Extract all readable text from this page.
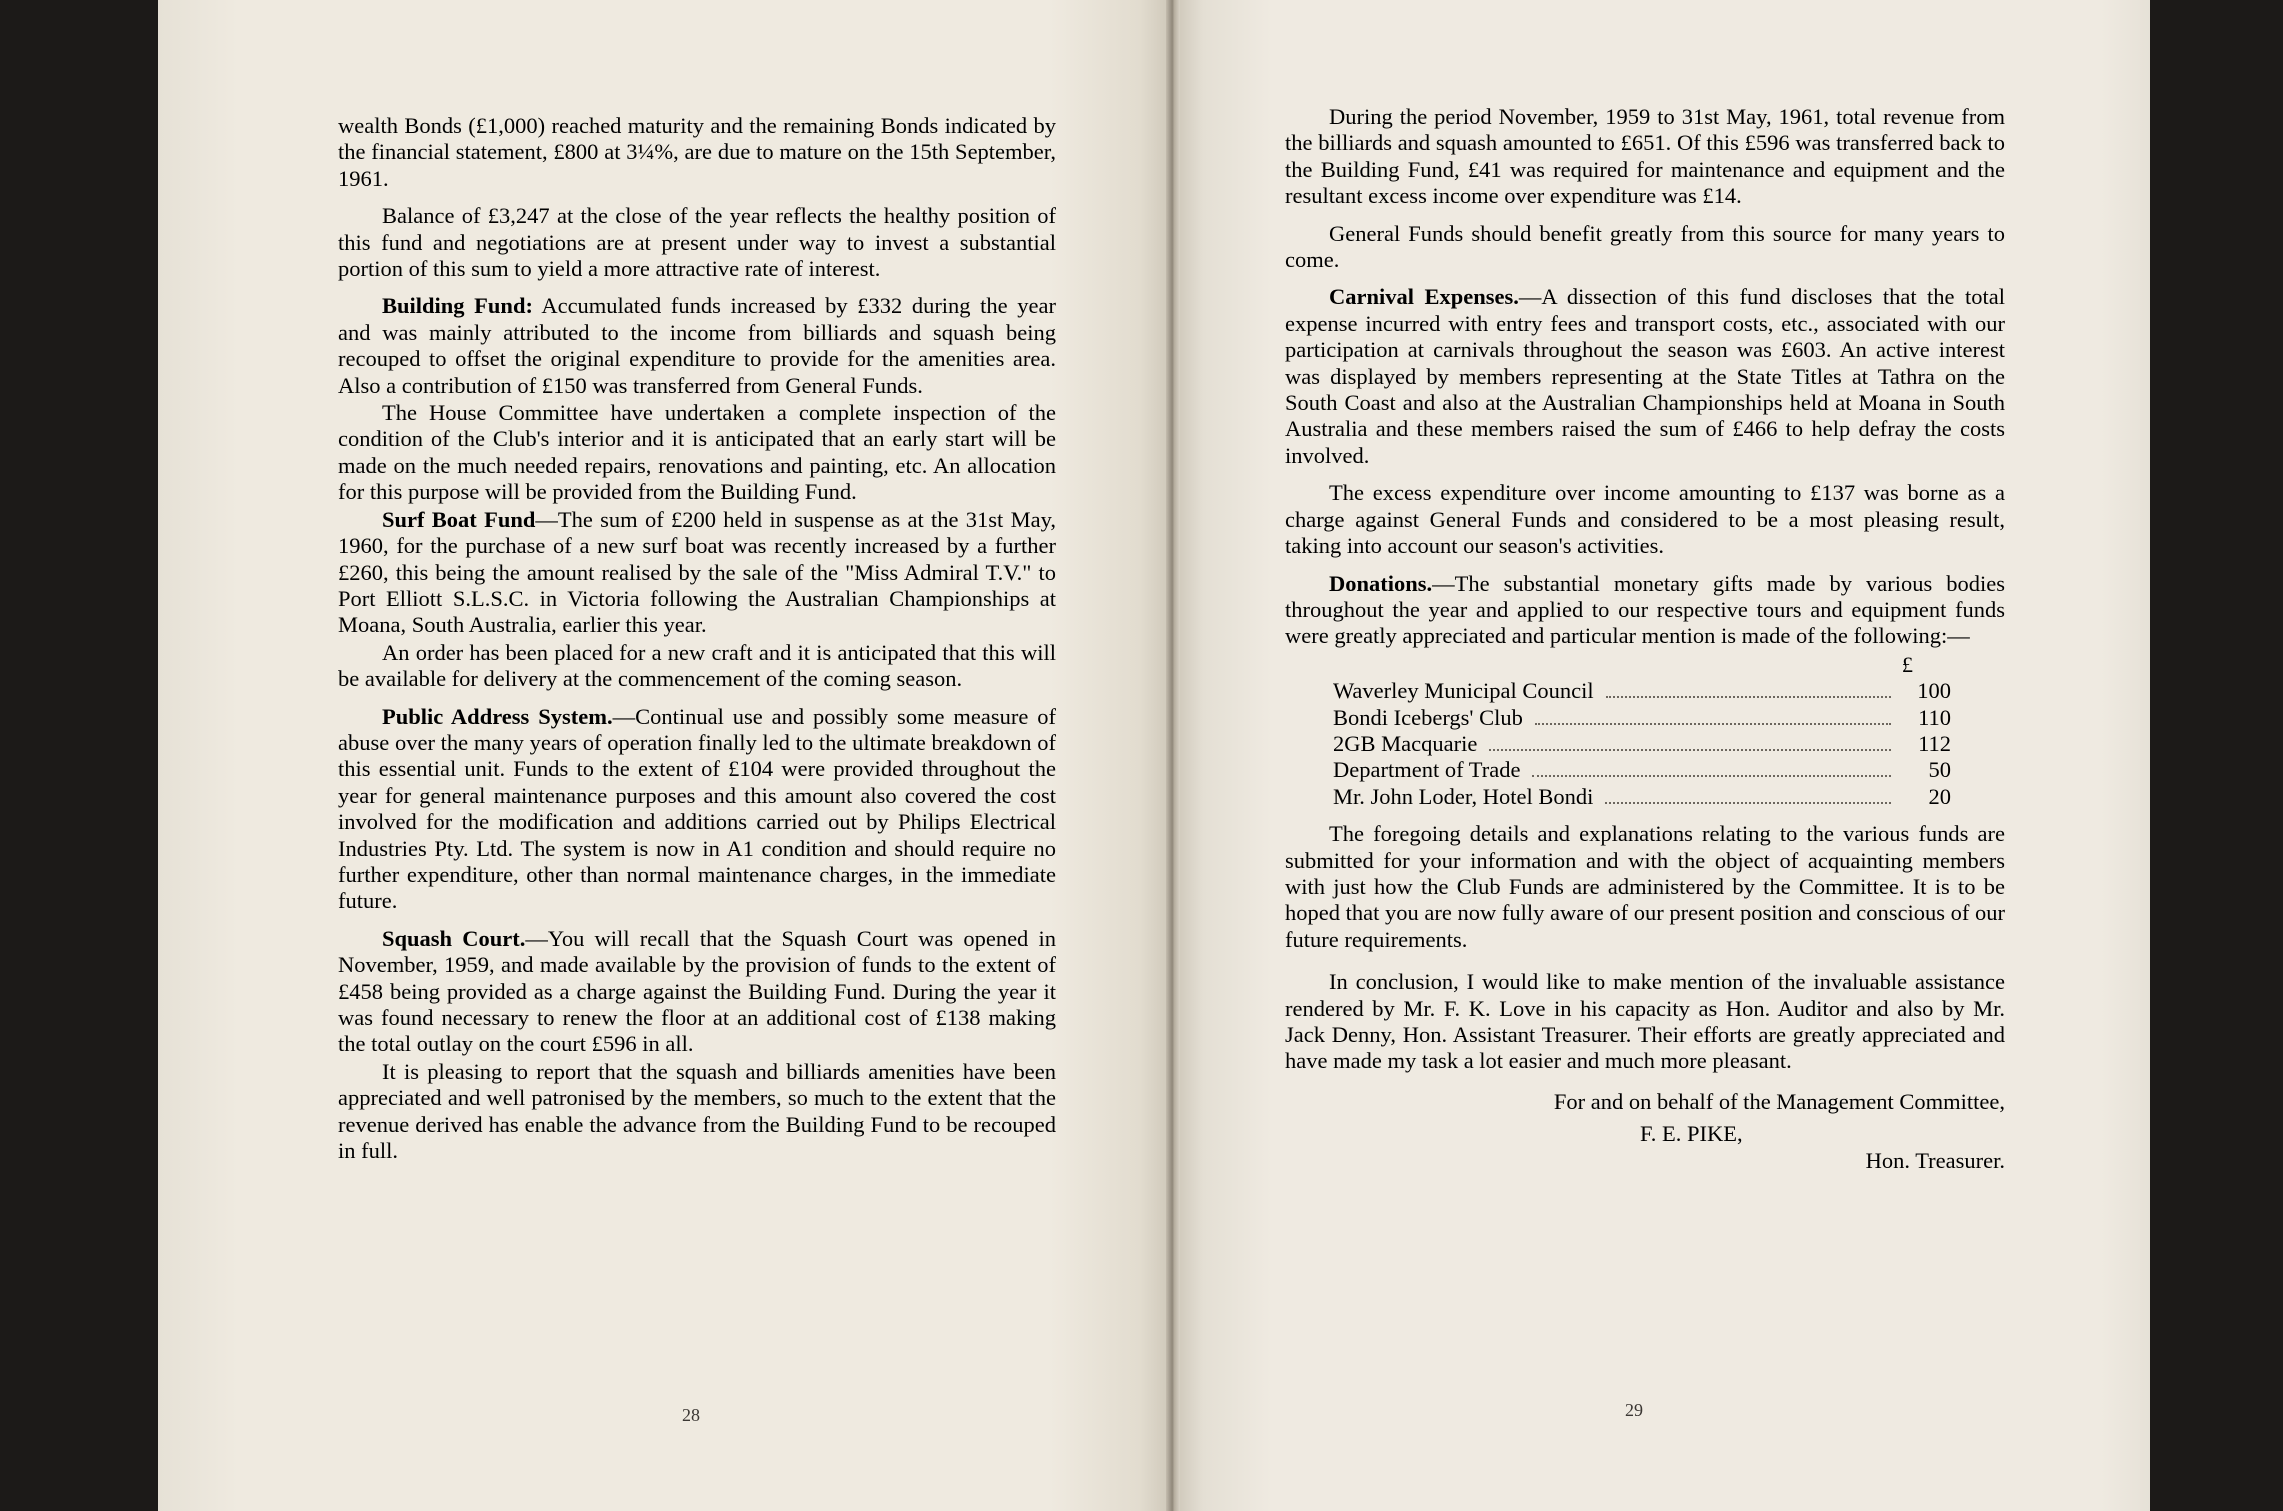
wealth Bonds (£1,000) reached maturity and the remaining Bonds indicated by the financial statement, £800 at 3¼%, are due to mature on the 15th September, 1961.

Balance of £3,247 at the close of the year reflects the healthy position of this fund and negotiations are at present under way to invest a substantial portion of this sum to yield a more attractive rate of interest.

Building Fund: Accumulated funds increased by £332 during the year and was mainly attributed to the income from billiards and squash being recouped to offset the original expenditure to provide for the amenities area. Also a contribution of £150 was transferred from General Funds.

The House Committee have undertaken a complete inspection of the condition of the Club's interior and it is anticipated that an early start will be made on the much needed repairs, renovations and painting, etc. An allocation for this purpose will be provided from the Building Fund.

Surf Boat Fund—The sum of £200 held in suspense as at the 31st May, 1960, for the purchase of a new surf boat was recently increased by a further £260, this being the amount realised by the sale of the "Miss Admiral T.V." to Port Elliott S.L.S.C. in Victoria following the Australian Championships at Moana, South Australia, earlier this year.

An order has been placed for a new craft and it is anticipated that this will be available for delivery at the commencement of the coming season.

Public Address System.—Continual use and possibly some measure of abuse over the many years of operation finally led to the ultimate breakdown of this essential unit. Funds to the extent of £104 were provided throughout the year for general maintenance purposes and this amount also covered the cost involved for the modification and additions carried out by Philips Electrical Industries Pty. Ltd. The system is now in A1 condition and should require no further expenditure, other than normal maintenance charges, in the immediate future.

Squash Court.—You will recall that the Squash Court was opened in November, 1959, and made available by the provision of funds to the extent of £458 being provided as a charge against the Building Fund. During the year it was found necessary to renew the floor at an additional cost of £138 making the total outlay on the court £596 in all.

It is pleasing to report that the squash and billiards amenities have been appreciated and well patronised by the members, so much to the extent that the revenue derived has enable the advance from the Building Fund to be recouped in full.

28

During the period November, 1959 to 31st May, 1961, total revenue from the billiards and squash amounted to £651. Of this £596 was transferred back to the Building Fund, £41 was required for maintenance and equipment and the resultant excess income over expenditure was £14.

General Funds should benefit greatly from this source for many years to come.

Carnival Expenses.—A dissection of this fund discloses that the total expense incurred with entry fees and transport costs, etc., associated with our participation at carnivals throughout the season was £603. An active interest was displayed by members representing at the State Titles at Tathra on the South Coast and also at the Australian Championships held at Moana in South Australia and these members raised the sum of £466 to help defray the costs involved.

The excess expenditure over income amounting to £137 was borne as a charge against General Funds and considered to be a most pleasing result, taking into account our season's activities.

Donations.—The substantial monetary gifts made by various bodies throughout the year and applied to our respective tours and equipment funds were greatly appreciated and particular mention is made of the following:—

£
Waverley Municipal Council	100
Bondi Icebergs' Club	110
2GB Macquarie	112
Department of Trade	50
Mr. John Loder, Hotel Bondi	20

The foregoing details and explanations relating to the various funds are submitted for your information and with the object of acquainting members with just how the Club Funds are administered by the Committee. It is to be hoped that you are now fully aware of our present position and conscious of our future requirements.

In conclusion, I would like to make mention of the invaluable assistance rendered by Mr. F. K. Love in his capacity as Hon. Auditor and also by Mr. Jack Denny, Hon. Assistant Treasurer. Their efforts are greatly appreciated and have made my task a lot easier and much more pleasant.

For and on behalf of the Management Committee,
F. E. PIKE,
Hon. Treasurer.
29
